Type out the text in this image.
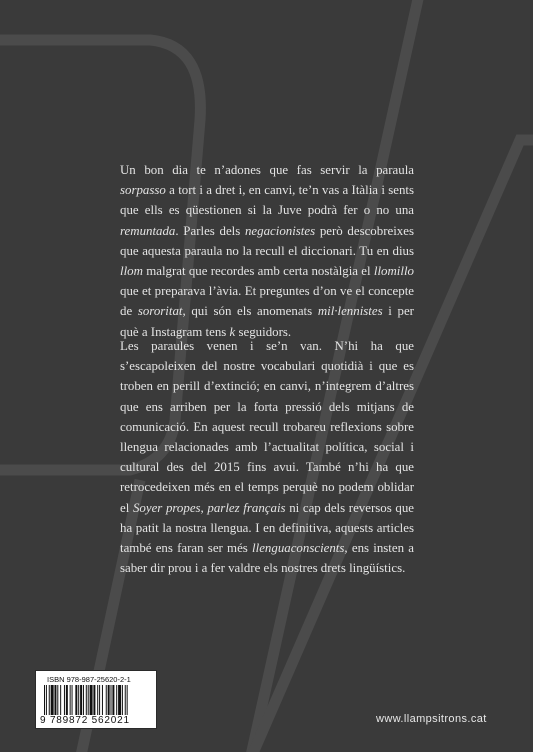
Un bon dia te n’adones que fas servir la paraula sorpasso a tort i a dret i, en canvi, te’n vas a Itàlia i sents que ells es qüestionen si la Juve podrà fer o no una remuntada. Parles dels negacionistes però descobreixes que aquesta paraula no la recull el diccionari. Tu en dius llom malgrat que recordes amb certa nostàlgia el llomillo que et preparava l’àvia. Et preguntes d’on ve el concepte de sororitat, qui són els anomenats mil·lennistes i per què a Instagram tens k seguidors.

Les paraules venen i se’n van. N’hi ha que s’escapoleixen del nostre vocabulari quotidià i que es troben en perill d’extinció; en canvi, n’integrem d’altres que ens arriben per la forta pressió dels mitjans de comunicació. En aquest recull trobareu reflexions sobre llengua relacionades amb l’actualitat política, social i cultural des del 2015 fins avui. També n’hi ha que retrocedeixen més en el temps perquè no podem oblidar el Soyer propes, parlez français ni cap dels reversos que ha patit la nostra llengua. I en definitiva, aquests articles també ens faran ser més llenguaconscients, ens insten a saber dir prou i a fer valdre els nostres drets lingüístics.

ISBN 978-987-25620-2-1
9 789872 562021	www.llampsitrons.cat
